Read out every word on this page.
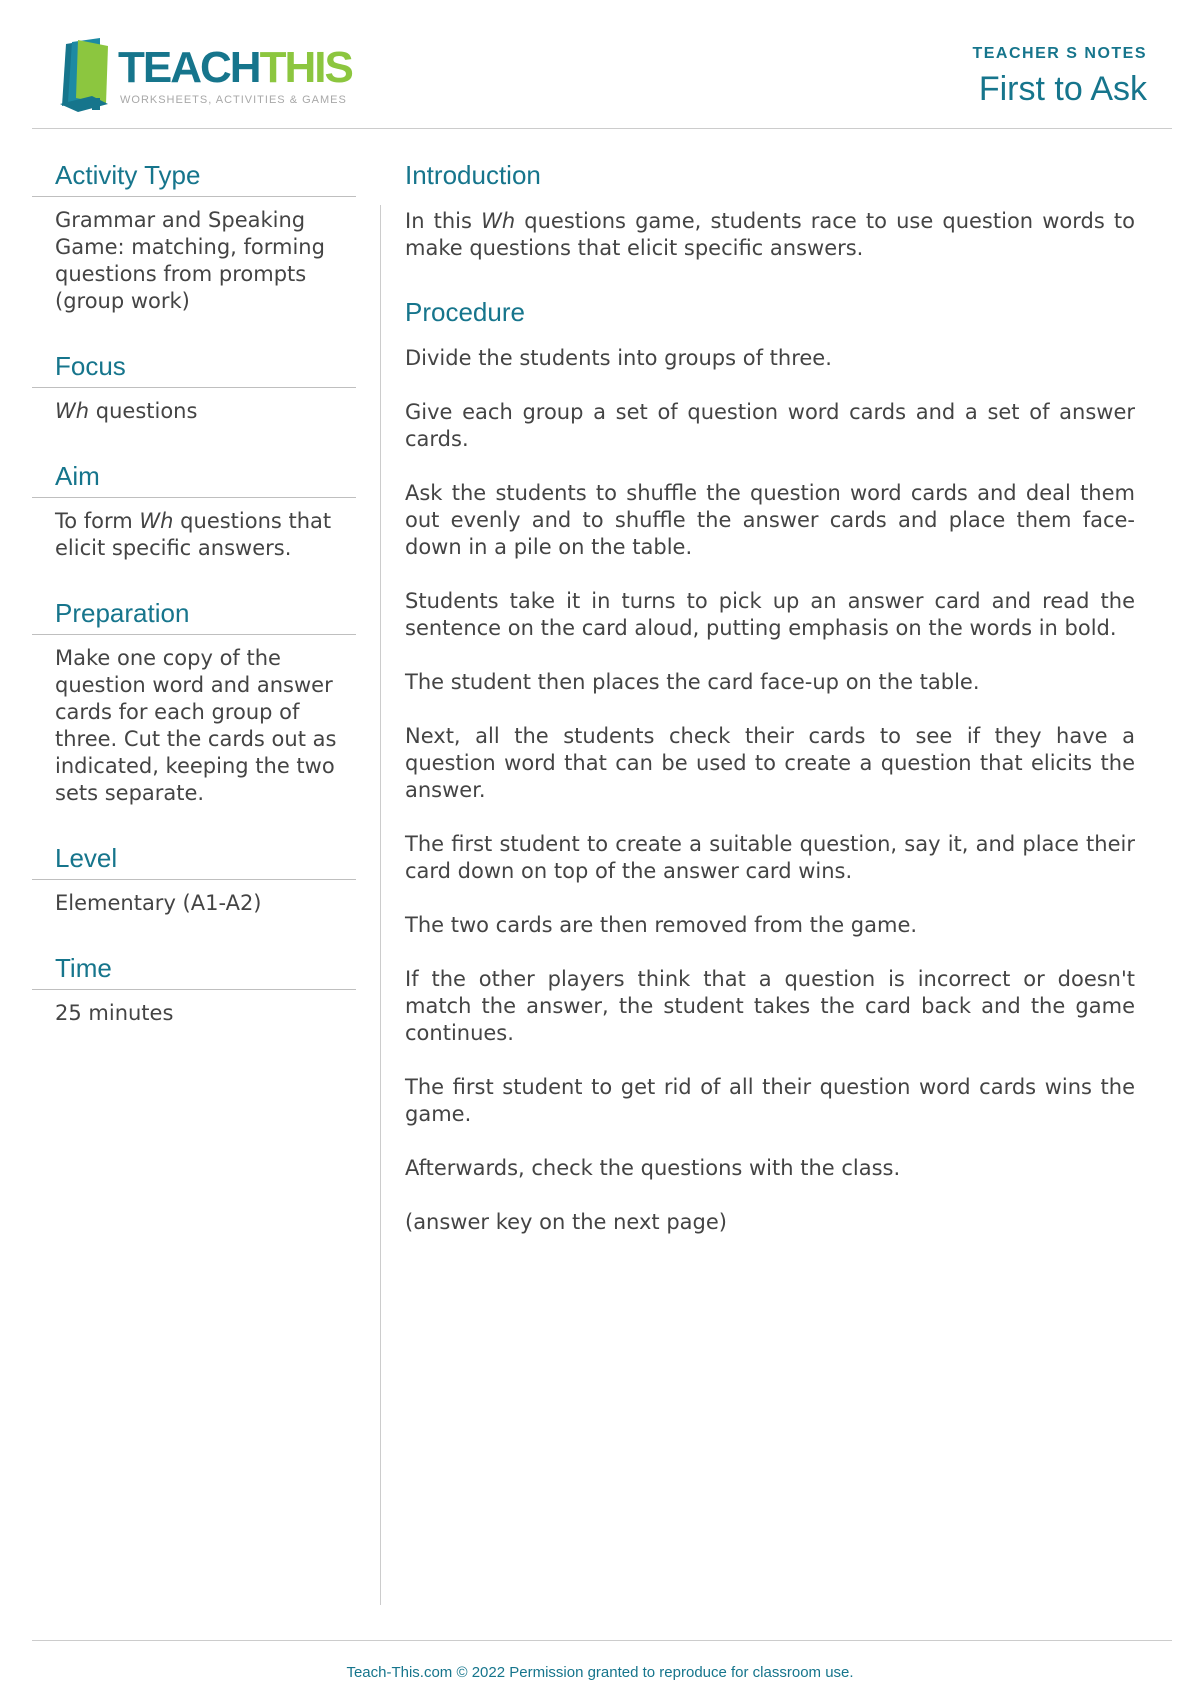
TEACHTHIS
WORKSHEETS, ACTIVITIES & GAMES
TEACHER S NOTES
First to Ask
Activity Type
Grammar and Speaking Game: matching, forming questions from prompts (group work)
Focus
Wh questions
Aim
To form Wh questions that elicit specific answers.
Preparation
Make one copy of the question word and answer cards for each group of three. Cut the cards out as indicated, keeping the two sets separate.
Level
Elementary (A1-A2)
Time
25 minutes
Introduction

In this Wh questions game, students race to use question words to make questions that elicit specific answers.

Procedure

Divide the students into groups of three.

Give each group a set of question word cards and a set of answer cards.

Ask the students to shuffle the question word cards and deal them out evenly and to shuffle the answer cards and place them face-down in a pile on the table.

Students take it in turns to pick up an answer card and read the sentence on the card aloud, putting emphasis on the words in bold.

The student then places the card face-up on the table.

Next, all the students check their cards to see if they have a question word that can be used to create a question that elicits the answer.

The first student to create a suitable question, say it, and place their card down on top of the answer card wins.

The two cards are then removed from the game.

If the other players think that a question is incorrect or doesn't match the answer, the student takes the card back and the game continues.

The first student to get rid of all their question word cards wins the game.

Afterwards, check the questions with the class.

(answer key on the next page)

Teach-This.com © 2022 Permission granted to reproduce for classroom use.
